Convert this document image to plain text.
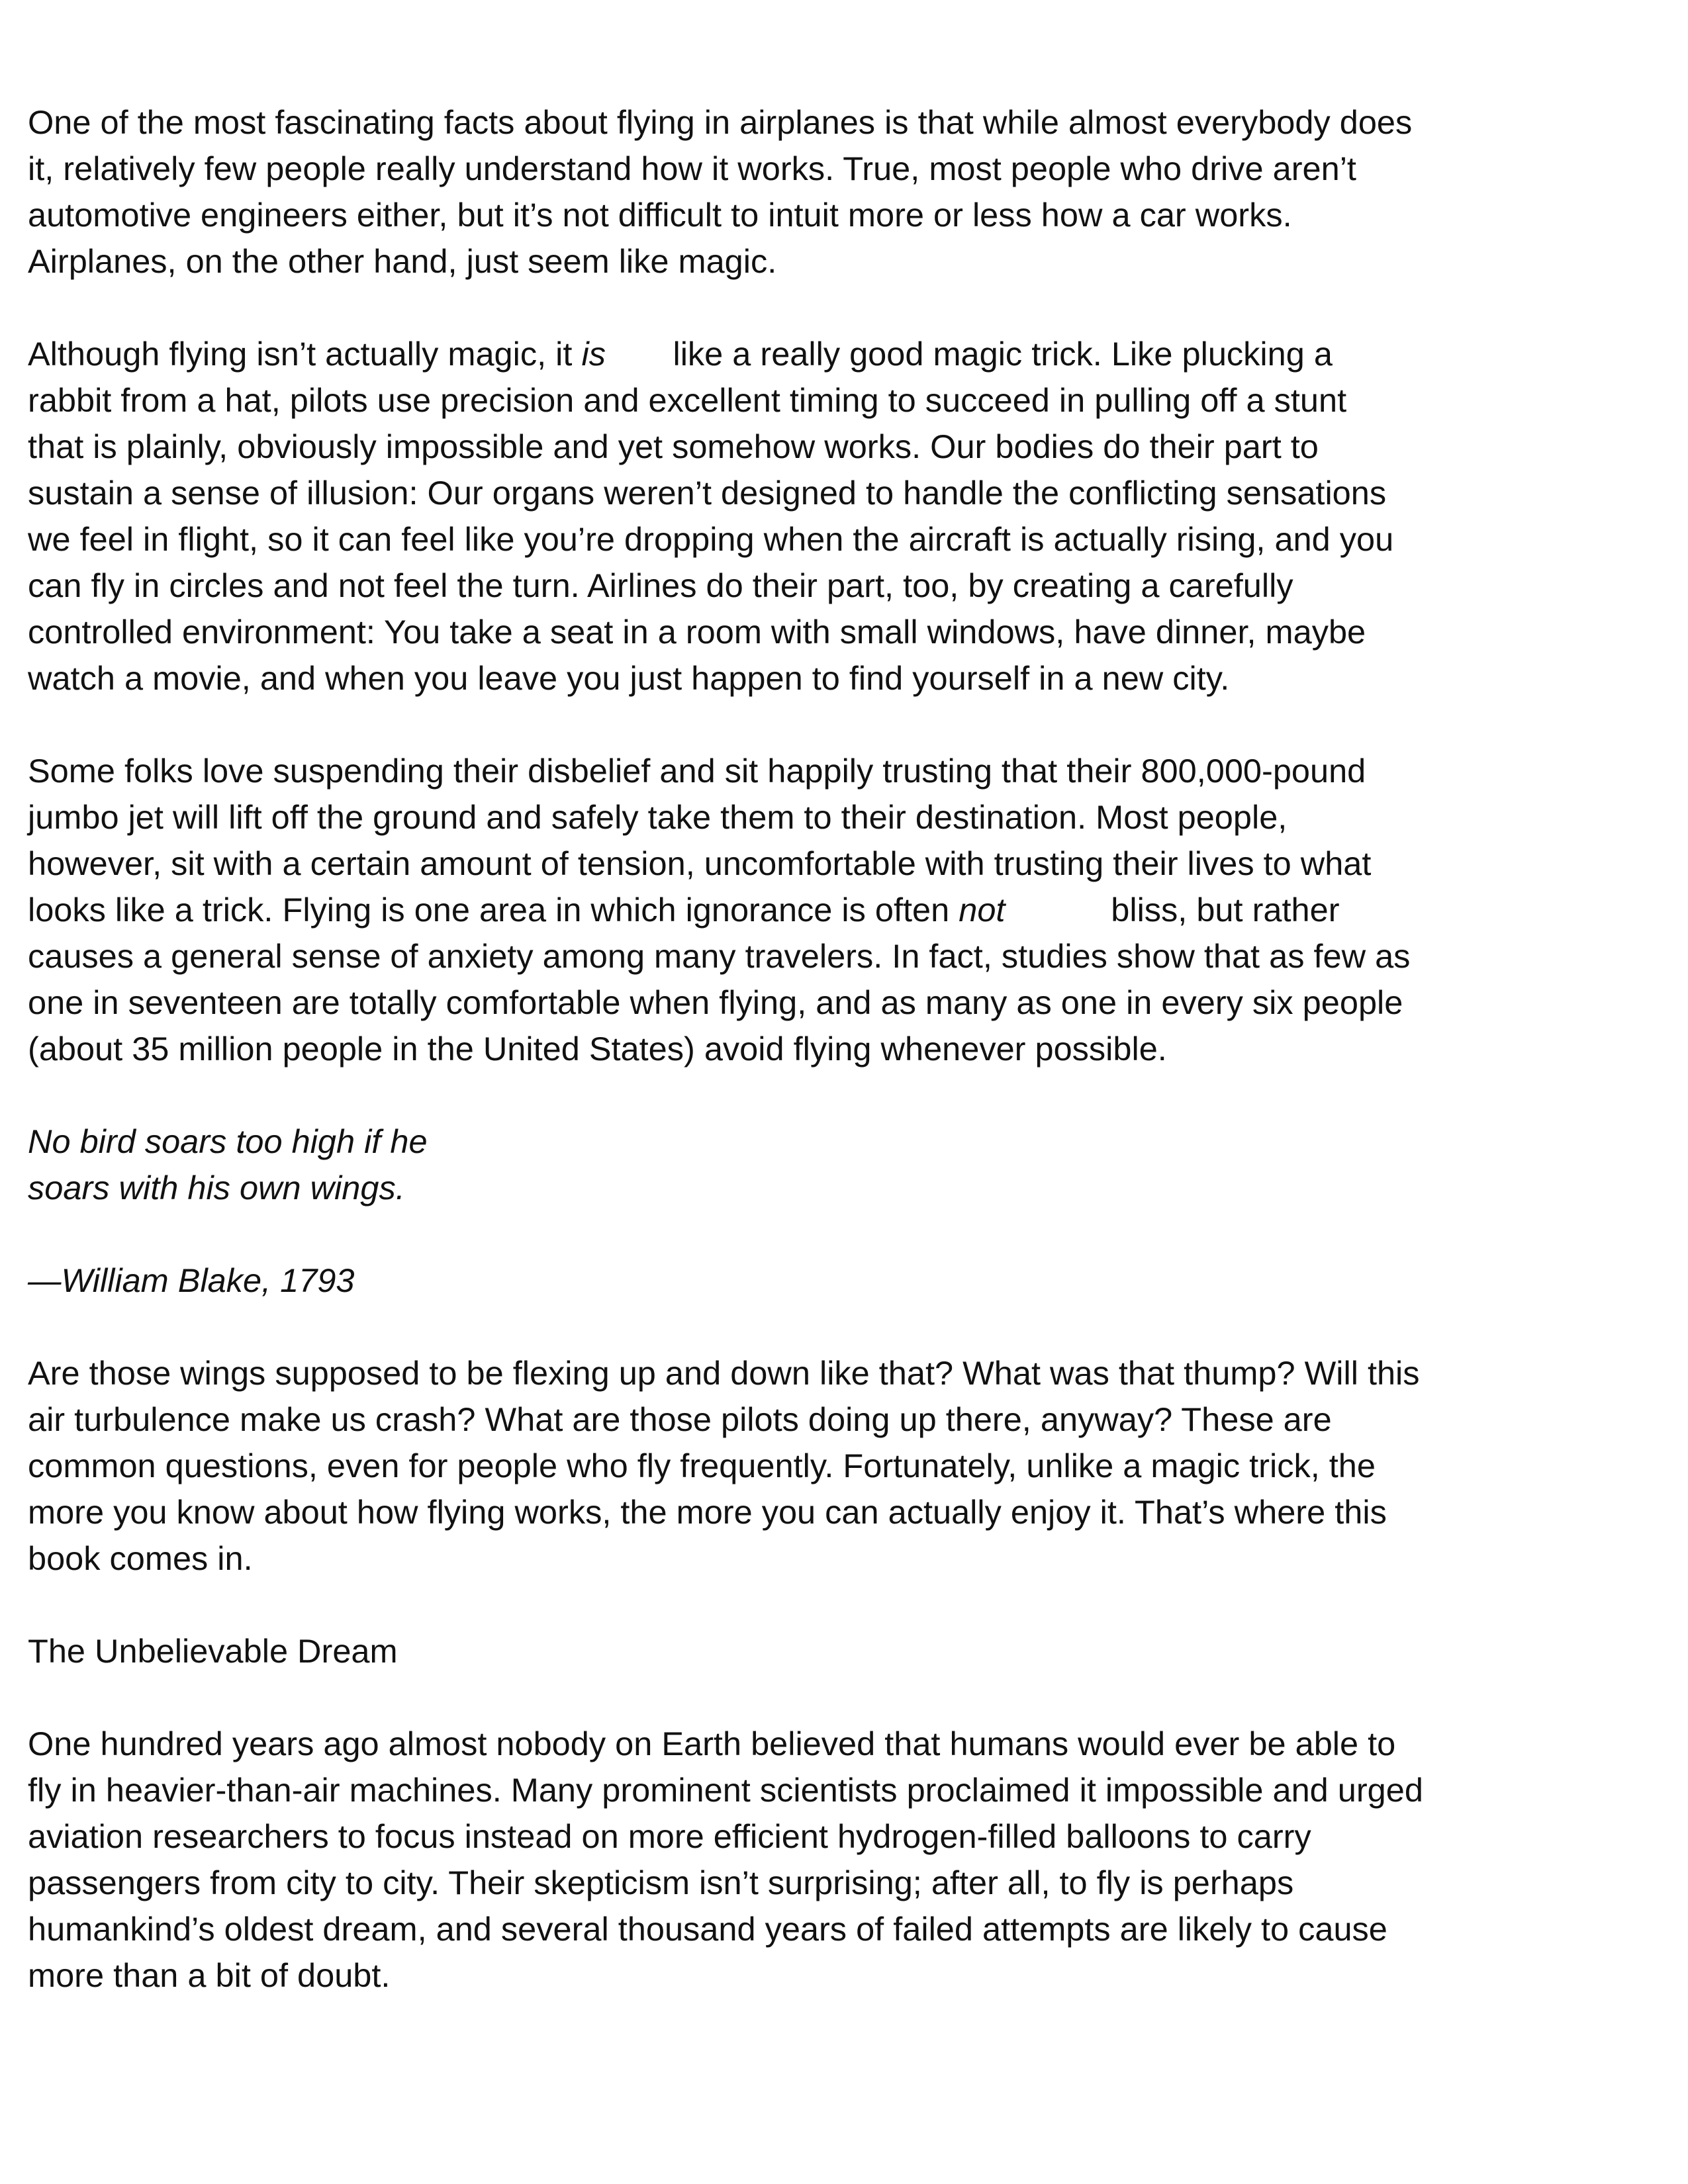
One of the most fascinating facts about flying in airplanes is that while almost everybody does
it, relatively few people really understand how it works. True, most people who drive aren’t
automotive engineers either, but it’s not difficult to intuit more or less how a car works.
Airplanes, on the other hand, just seem like magic.

Although flying isn’t actually magic, it is like a really good magic trick. Like plucking a
rabbit from a hat, pilots use precision and excellent timing to succeed in pulling off a stunt
that is plainly, obviously impossible and yet somehow works. Our bodies do their part to
sustain a sense of illusion: Our organs weren’t designed to handle the conflicting sensations
we feel in flight, so it can feel like you’re dropping when the aircraft is actually rising, and you
can fly in circles and not feel the turn. Airlines do their part, too, by creating a carefully
controlled environment: You take a seat in a room with small windows, have dinner, maybe
watch a movie, and when you leave you just happen to find yourself in a new city.

Some folks love suspending their disbelief and sit happily trusting that their 800,000-pound
jumbo jet will lift off the ground and safely take them to their destination. Most people,
however, sit with a certain amount of tension, uncomfortable with trusting their lives to what
looks like a trick. Flying is one area in which ignorance is often not	bliss, but rather
causes a general sense of anxiety among many travelers. In fact, studies show that as few as
one in seventeen are totally comfortable when flying, and as many as one in every six people
(about 35 million people in the United States) avoid flying whenever possible.

No bird soars too high if he
soars with his own wings.

—William Blake, 1793

Are those wings supposed to be flexing up and down like that? What was that thump? Will this
air turbulence make us crash? What are those pilots doing up there, anyway? These are
common questions, even for people who fly frequently. Fortunately, unlike a magic trick, the
more you know about how flying works, the more you can actually enjoy it. That’s where this
book comes in.

The Unbelievable Dream

One hundred years ago almost nobody on Earth believed that humans would ever be able to
fly in heavier-than-air machines. Many prominent scientists proclaimed it impossible and urged
aviation researchers to focus instead on more efficient hydrogen-filled balloons to carry
passengers from city to city. Their skepticism isn’t surprising; after all, to fly is perhaps
humankind’s oldest dream, and several thousand years of failed attempts are likely to cause
more than a bit of doubt.
